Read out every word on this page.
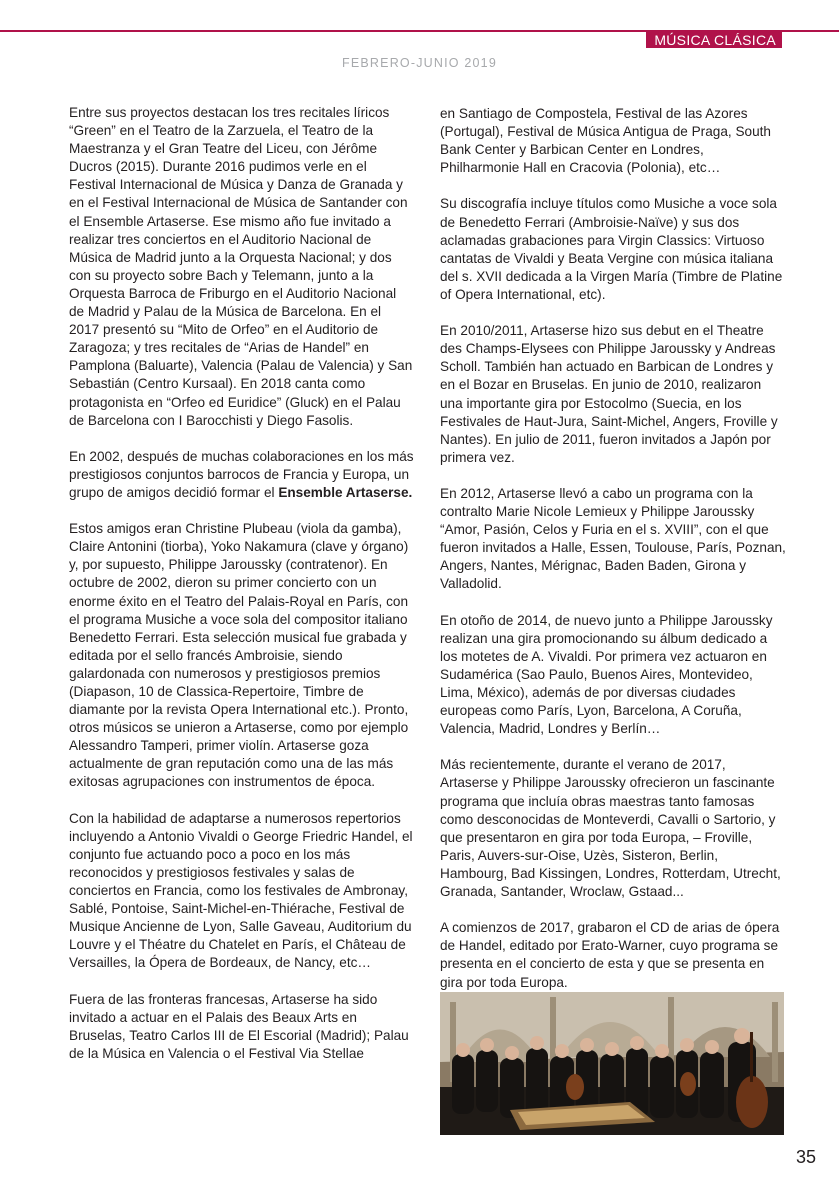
MÚSICA CLÁSICA
FEBRERO-JUNIO 2019

Entre sus proyectos destacan los tres recitales líricos “Green” en el Teatro de la Zarzuela, el Teatro de la Maestranza y el Gran Teatre del Liceu, con Jérôme Ducros (2015). Durante 2016 pudimos verle en el Festival Internacional de Música y Danza de Granada y en el Festival Internacional de Música de Santander con el Ensemble Artaserse. Ese mismo año fue invitado a realizar tres conciertos en el Auditorio Nacional de Música de Madrid junto a la Orquesta Nacional; y dos con su proyecto sobre Bach y Telemann, junto a la Orquesta Barroca de Friburgo en el Auditorio Nacional de Madrid y Palau de la Música de Barcelona. En el 2017 presentó su “Mito de Orfeo” en el Auditorio de Zaragoza; y tres recitales de “Arias de Handel” en Pamplona (Baluarte), Valencia (Palau de Valencia) y San Sebastián (Centro Kursaal). En 2018 canta como protagonista en “Orfeo ed Euridice” (Gluck) en el Palau de Barcelona con I Barocchisti y Diego Fasolis.

En 2002, después de muchas colaboraciones en los más prestigiosos conjuntos barrocos de Francia y Europa, un grupo de amigos decidió formar el Ensemble Artaserse.

Estos amigos eran Christine Plubeau (viola da gamba), Claire Antonini (tiorba), Yoko Nakamura (clave y órgano) y, por supuesto, Philippe Jaroussky (contratenor). En octubre de 2002, dieron su primer concierto con un enorme éxito en el Teatro del Palais-Royal en París, con el programa Musiche a voce sola del compositor italiano Benedetto Ferrari. Esta selección musical fue grabada y editada por el sello francés Ambroisie, siendo galardonada con numerosos y prestigiosos premios (Diapason, 10 de Classica-Repertoire, Timbre de diamante por la revista Opera International etc.). Pronto, otros músicos se unieron a Artaserse, como por ejemplo Alessandro Tamperi, primer violín. Artaserse goza actualmente de gran reputación como una de las más exitosas agrupaciones con instrumentos de época.

Con la habilidad de adaptarse a numerosos repertorios incluyendo a Antonio Vivaldi o George Friedric Handel, el conjunto fue actuando poco a poco en los más reconocidos y prestigiosos festivales y salas de conciertos en Francia, como los festivales de Ambronay, Sablé, Pontoise, Saint-Michel-en-Thiérache, Festival de Musique Ancienne de Lyon, Salle Gaveau, Auditorium du Louvre y el Théatre du Chatelet en París, el Château de Versailles, la Ópera de Bordeaux, de Nancy, etc…

Fuera de las fronteras francesas, Artaserse ha sido invitado a actuar en el Palais des Beaux Arts en Bruselas, Teatro Carlos III de El Escorial (Madrid); Palau de la Música en Valencia o el Festival Via Stellae

en Santiago de Compostela, Festival de las Azores (Portugal), Festival de Música Antigua de Praga, South Bank Center y Barbican Center en Londres, Philharmonie Hall en Cracovia (Polonia), etc…

Su discografía incluye títulos como Musiche a voce sola de Benedetto Ferrari (Ambroisie-Naïve) y sus dos aclamadas grabaciones para Virgin Classics: Virtuoso cantatas de Vivaldi y Beata Vergine con música italiana del s. XVII dedicada a la Virgen María (Timbre de Platine of Opera International, etc).

En 2010/2011, Artaserse hizo sus debut en el Theatre des Champs-Elysees con Philippe Jaroussky y Andreas Scholl. También han actuado en Barbican de Londres y en el Bozar en Bruselas. En junio de 2010, realizaron una importante gira por Estocolmo (Suecia, en los Festivales de Haut-Jura, Saint-Michel, Angers, Froville y Nantes). En julio de 2011, fueron invitados a Japón por primera vez.

En 2012, Artaserse llevó a cabo un programa con la contralto Marie Nicole Lemieux y Philippe Jaroussky “Amor, Pasión, Celos y Furia en el s. XVIII”, con el que fueron invitados a Halle, Essen, Toulouse, París, Poznan, Angers, Nantes, Mérignac, Baden Baden, Girona y Valladolid.

En otoño de 2014, de nuevo junto a Philippe Jaroussky realizan una gira promocionando su álbum dedicado a los motetes de A. Vivaldi. Por primera vez actuaron en Sudamérica (Sao Paulo, Buenos Aires, Montevideo, Lima, México), además de por diversas ciudades europeas como París, Lyon, Barcelona, A Coruña, Valencia, Madrid, Londres y Berlín…

Más recientemente, durante el verano de 2017, Artaserse y Philippe Jaroussky ofrecieron un fascinante programa que incluía obras maestras tanto famosas como desconocidas de Monteverdi, Cavalli o Sartorio, y que presentaron en gira por toda Europa, – Froville, Paris, Auvers-sur-Oise, Uzès, Sisteron, Berlin, Hambourg, Bad Kissingen, Londres, Rotterdam, Utrecht, Granada, Santander, Wroclaw, Gstaad...

A comienzos de 2017, grabaron el CD de arias de ópera de Handel, editado por Erato-Warner, cuyo programa se presenta en el concierto de esta y que se presenta en gira por toda Europa.

35
